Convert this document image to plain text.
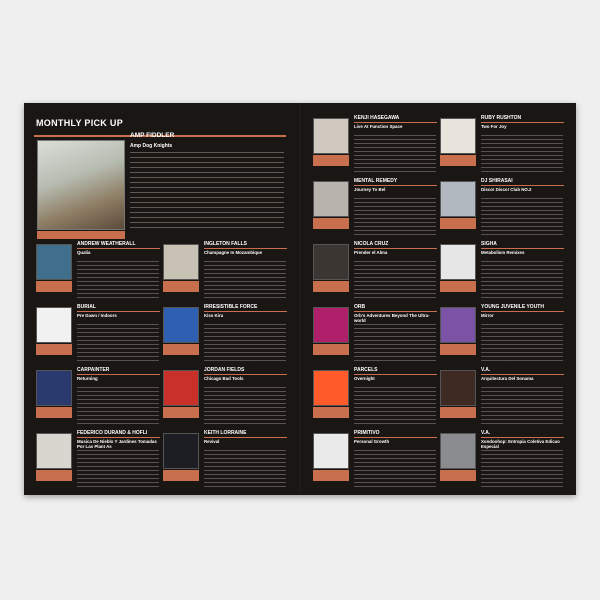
MONTHLY PICK UP
AMP FIDDLER
Amp Dog Knights
ANDREW WEATHERALL
Qualia
INGLETON FALLS
Champagne In Mozambique
BURIAL
Pre Dawn / Indoors
IRRESISTIBLE FORCE
Kiss Kiru
CARPAINTER
Returning
JORDAN FIELDS
Chicago Bad Tools
FEDERICO DURAND & HOFLI
Musica De Nieblo Y Jardines Tomadas Por Las Plant As
KEITH LORRAINE
Revival
KENJI HASEGAWA
Live At Function Space
RUBY RUSHTON
Two For Joy
MENTAL REMEDY
Journey To Bel
DJ SHIRASAI
Disco! Disco! Club NO.2
NICOLA CRUZ
Prender el Alma
SIGHA
Metabolism Remixes
ORB
Orb's Adventures Beyond The Ultra-world
YOUNG JUVENILE YOUTH
Mirror
PARCELS
Overnight
V.A.
Arquitectura Del Sonama
PRIMITIVO
Personal Growth
V.A.
Xondoohop: Entropia Coletiva Edicao Especial
